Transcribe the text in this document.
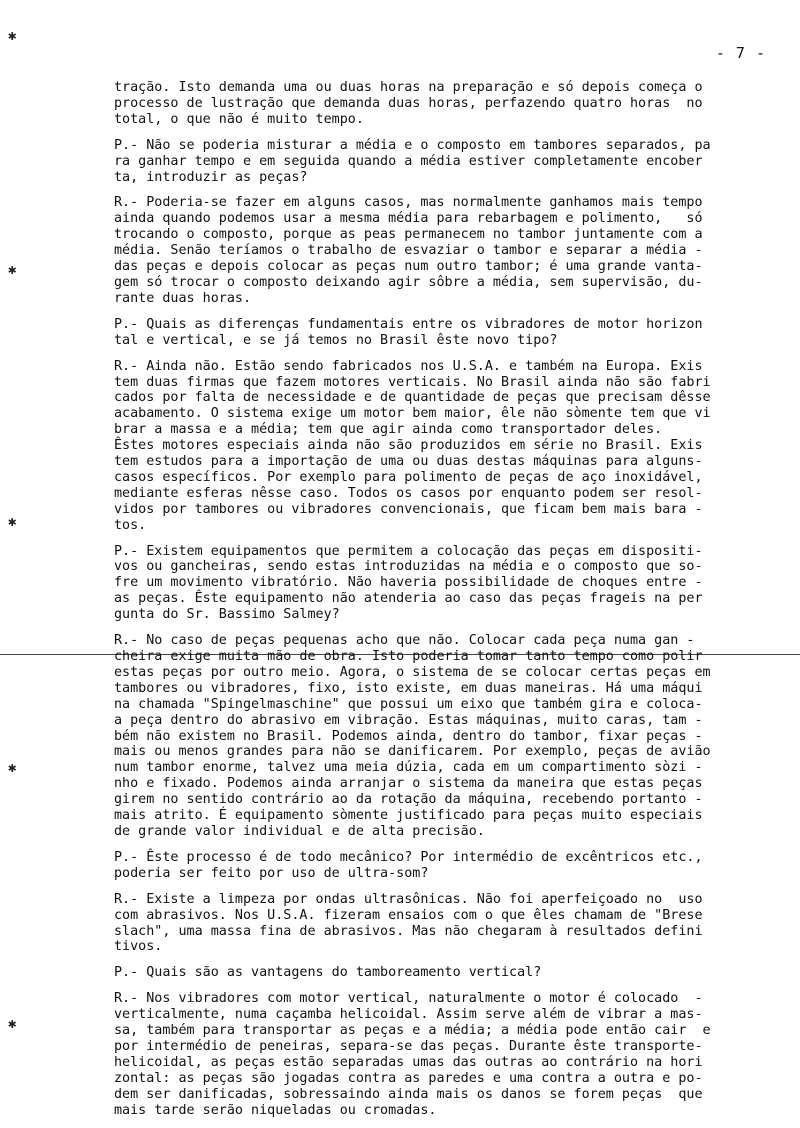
- 7 -
✱
✱
✱
✱
✱
tração. Isto demanda uma ou duas horas na preparação e só depois começa o
processo de lustração que demanda duas horas, perfazendo quatro horas  no
total, o que não é muito tempo.
P.- Não se poderia misturar a média e o composto em tambores separados, pa
ra ganhar tempo e em seguida quando a média estiver completamente encober
ta, introduzir as peças?
R.- Poderia-se fazer em alguns casos, mas normalmente ganhamos mais tempo
ainda quando podemos usar a mesma média para rebarbagem e polimento,   só
trocando o composto, porque as peas permanecem no tambor juntamente com a
média. Senão teríamos o trabalho de esvaziar o tambor e separar a média -
das peças e depois colocar as peças num outro tambor; é uma grande vanta-
gem só trocar o composto deixando agir sôbre a média, sem supervisão, du-
rante duas horas.
P.- Quais as diferenças fundamentais entre os vibradores de motor horizon
tal e vertical, e se já temos no Brasil êste novo tipo?
R.- Ainda não. Estão sendo fabricados nos U.S.A. e também na Europa. Exis
tem duas firmas que fazem motores verticais. No Brasil ainda não são fabri
cados por falta de necessidade e de quantidade de peças que precisam dêsse
acabamento. O sistema exige um motor bem maior, êle não sòmente tem que vi
brar a massa e a média; tem que agir ainda como transportador deles.
Êstes motores especiais ainda não são produzidos em série no Brasil. Exis
tem estudos para a importação de uma ou duas destas máquinas para alguns-
casos específicos. Por exemplo para polimento de peças de aço inoxidável,
mediante esferas nêsse caso. Todos os casos por enquanto podem ser resol-
vidos por tambores ou vibradores convencionais, que ficam bem mais bara -
tos.
P.- Existem equipamentos que permitem a colocação das peças em dispositi-
vos ou gancheiras, sendo estas introduzidas na média e o composto que so-
fre um movimento vibratório. Não haveria possibilidade de choques entre -
as peças. Êste equipamento não atenderia ao caso das peças frageis na per
gunta do Sr. Bassimo Salmey?
R.- No caso de peças pequenas acho que não. Colocar cada peça numa gan -
cheira exige muita mão de obra. Isto poderia tomar tanto tempo como polir
estas peças por outro meio. Agora, o sistema de se colocar certas peças em
tambores ou vibradores, fixo, isto existe, em duas maneiras. Há uma máqui
na chamada "Spingelmaschine" que possui um eixo que também gira e coloca-
a peça dentro do abrasivo em vibração. Estas máquinas, muito caras, tam -
bém não existem no Brasil. Podemos ainda, dentro do tambor, fixar peças -
mais ou menos grandes para não se danificarem. Por exemplo, peças de avião
num tambor enorme, talvez uma meia dúzia, cada em um compartimento sòzi -
nho e fixado. Podemos ainda arranjar o sistema da maneira que estas peças
girem no sentido contrário ao da rotação da máquina, recebendo portanto -
mais atrito. É equipamento sòmente justificado para peças muito especiais
de grande valor individual e de alta precisão.
P.- Êste processo é de todo mecânico? Por intermédio de excêntricos etc.,
poderia ser feito por uso de ultra-som?
R.- Existe a limpeza por ondas ultrasônicas. Não foi aperfeiçoado no  uso
com abrasivos. Nos U.S.A. fizeram ensaios com o que êles chamam de "Brese
slach", uma massa fina de abrasivos. Mas não chegaram à resultados defini
tivos.
P.- Quais são as vantagens do tamboreamento vertical?
R.- Nos vibradores com motor vertical, naturalmente o motor é colocado  -
verticalmente, numa caçamba helicoidal. Assim serve além de vibrar a mas-
sa, também para transportar as peças e a média; a média pode então cair  e
por intermédio de peneiras, separa-se das peças. Durante êste transporte-
helicoidal, as peças estão separadas umas das outras ao contrário na hori
zontal: as peças são jogadas contra as paredes e uma contra a outra e po-
dem ser danificadas, sobressaindo ainda mais os danos se forem peças  que
mais tarde serão niqueladas ou cromadas.
